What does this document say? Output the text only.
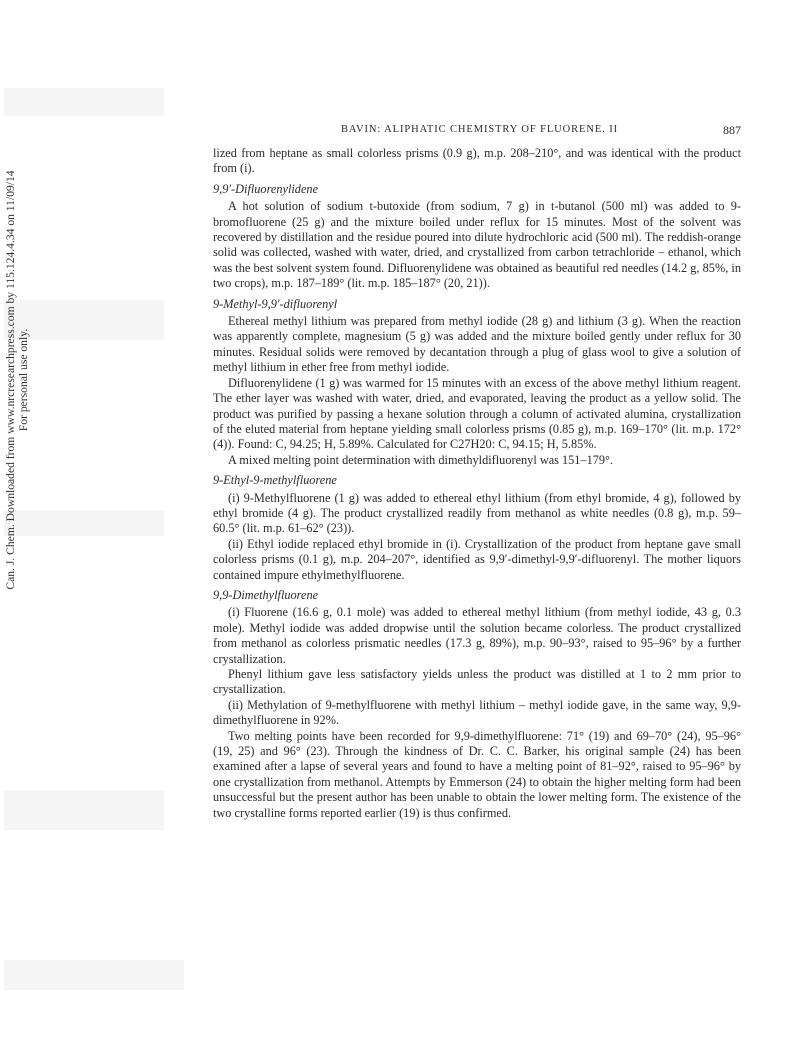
Can. J. Chem. Downloaded from www.nrcresearchpress.com by 115.124.4.34 on 11/09/14 For personal use only.
BAVIN: ALIPHATIC CHEMISTRY OF FLUORENE. II	887

lized from heptane as small colorless prisms (0.9 g), m.p. 208–210°, and was identical with the product from (i).

9,9′-Difluorenylidene

A hot solution of sodium t-butoxide (from sodium, 7 g) in t-butanol (500 ml) was added to 9-bromofluorene (25 g) and the mixture boiled under reflux for 15 minutes. Most of the solvent was recovered by distillation and the residue poured into dilute hydrochloric acid (500 ml). The reddish-orange solid was collected, washed with water, dried, and crystallized from carbon tetrachloride – ethanol, which was the best solvent system found. Difluorenylidene was obtained as beautiful red needles (14.2 g, 85%, in two crops), m.p. 187–189° (lit. m.p. 185–187° (20, 21)).

9-Methyl-9,9′-difluorenyl

Ethereal methyl lithium was prepared from methyl iodide (28 g) and lithium (3 g). When the reaction was apparently complete, magnesium (5 g) was added and the mixture boiled gently under reflux for 30 minutes. Residual solids were removed by decantation through a plug of glass wool to give a solution of methyl lithium in ether free from methyl iodide.

Difluorenylidene (1 g) was warmed for 15 minutes with an excess of the above methyl lithium reagent. The ether layer was washed with water, dried, and evaporated, leaving the product as a yellow solid. The product was purified by passing a hexane solution through a column of activated alumina, crystallization of the eluted material from heptane yielding small colorless prisms (0.85 g), m.p. 169–170° (lit. m.p. 172° (4)). Found: C, 94.25; H, 5.89%. Calculated for C27H20: C, 94.15; H, 5.85%.

A mixed melting point determination with dimethyldifluorenyl was 151–179°.

9-Ethyl-9-methylfluorene

(i) 9-Methylfluorene (1 g) was added to ethereal ethyl lithium (from ethyl bromide, 4 g), followed by ethyl bromide (4 g). The product crystallized readily from methanol as white needles (0.8 g), m.p. 59–60.5° (lit. m.p. 61–62° (23)).

(ii) Ethyl iodide replaced ethyl bromide in (i). Crystallization of the product from heptane gave small colorless prisms (0.1 g), m.p. 204–207°, identified as 9,9′-dimethyl-9,9′-difluorenyl. The mother liquors contained impure ethylmethylfluorene.

9,9-Dimethylfluorene

(i) Fluorene (16.6 g, 0.1 mole) was added to ethereal methyl lithium (from methyl iodide, 43 g, 0.3 mole). Methyl iodide was added dropwise until the solution became colorless. The product crystallized from methanol as colorless prismatic needles (17.3 g, 89%), m.p. 90–93°, raised to 95–96° by a further crystallization.

Phenyl lithium gave less satisfactory yields unless the product was distilled at 1 to 2 mm prior to crystallization.

(ii) Methylation of 9-methylfluorene with methyl lithium – methyl iodide gave, in the same way, 9,9-dimethylfluorene in 92%.

Two melting points have been recorded for 9,9-dimethylfluorene: 71° (19) and 69–70° (24), 95–96° (19, 25) and 96° (23). Through the kindness of Dr. C. C. Barker, his original sample (24) has been examined after a lapse of several years and found to have a melting point of 81–92°, raised to 95–96° by one crystallization from methanol. Attempts by Emmerson (24) to obtain the higher melting form had been unsuccessful but the present author has been unable to obtain the lower melting form. The existence of the two crystalline forms reported earlier (19) is thus confirmed.
